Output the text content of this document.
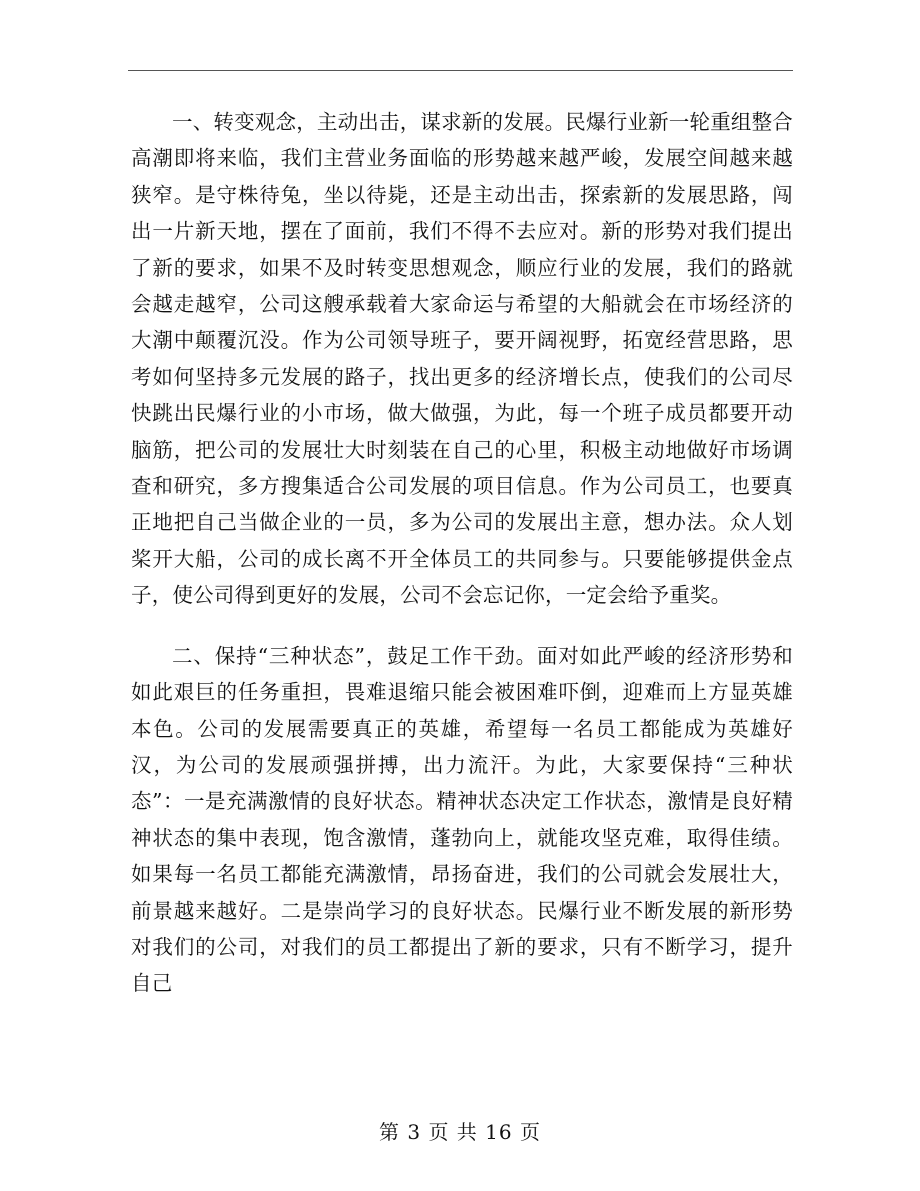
一、转变观念，主动出击，谋求新的发展。民爆行业新一轮重组整合高潮即将来临，我们主营业务面临的形势越来越严峻，发展空间越来越狭窄。是守株待兔，坐以待毙，还是主动出击，探索新的发展思路，闯出一片新天地，摆在了面前，我们不得不去应对。新的形势对我们提出了新的要求，如果不及时转变思想观念，顺应行业的发展，我们的路就会越走越窄，公司这艘承载着大家命运与希望的大船就会在市场经济的大潮中颠覆沉没。作为公司领导班子，要开阔视野，拓宽经营思路，思考如何坚持多元发展的路子，找出更多的经济增长点，使我们的公司尽快跳出民爆行业的小市场，做大做强，为此，每一个班子成员都要开动脑筋，把公司的发展壮大时刻装在自己的心里，积极主动地做好市场调查和研究，多方搜集适合公司发展的项目信息。作为公司员工，也要真正地把自己当做企业的一员，多为公司的发展出主意，想办法。众人划桨开大船，公司的成长离不开全体员工的共同参与。只要能够提供金点子，使公司得到更好的发展，公司不会忘记你，一定会给予重奖。

二、保持“三种状态”，鼓足工作干劲。面对如此严峻的经济形势和如此艰巨的任务重担，畏难退缩只能会被困难吓倒，迎难而上方显英雄本色。公司的发展需要真正的英雄，希望每一名员工都能成为英雄好汉，为公司的发展顽强拼搏，出力流汗。为此，大家要保持“三种状态”：一是充满激情的良好状态。精神状态决定工作状态，激情是良好精神状态的集中表现，饱含激情，蓬勃向上，就能攻坚克难，取得佳绩。如果每一名员工都能充满激情，昂扬奋进，我们的公司就会发展壮大，前景越来越好。二是崇尚学习的良好状态。民爆行业不断发展的新形势对我们的公司，对我们的员工都提出了新的要求，只有不断学习，提升自己

第 3 页 共 16 页
